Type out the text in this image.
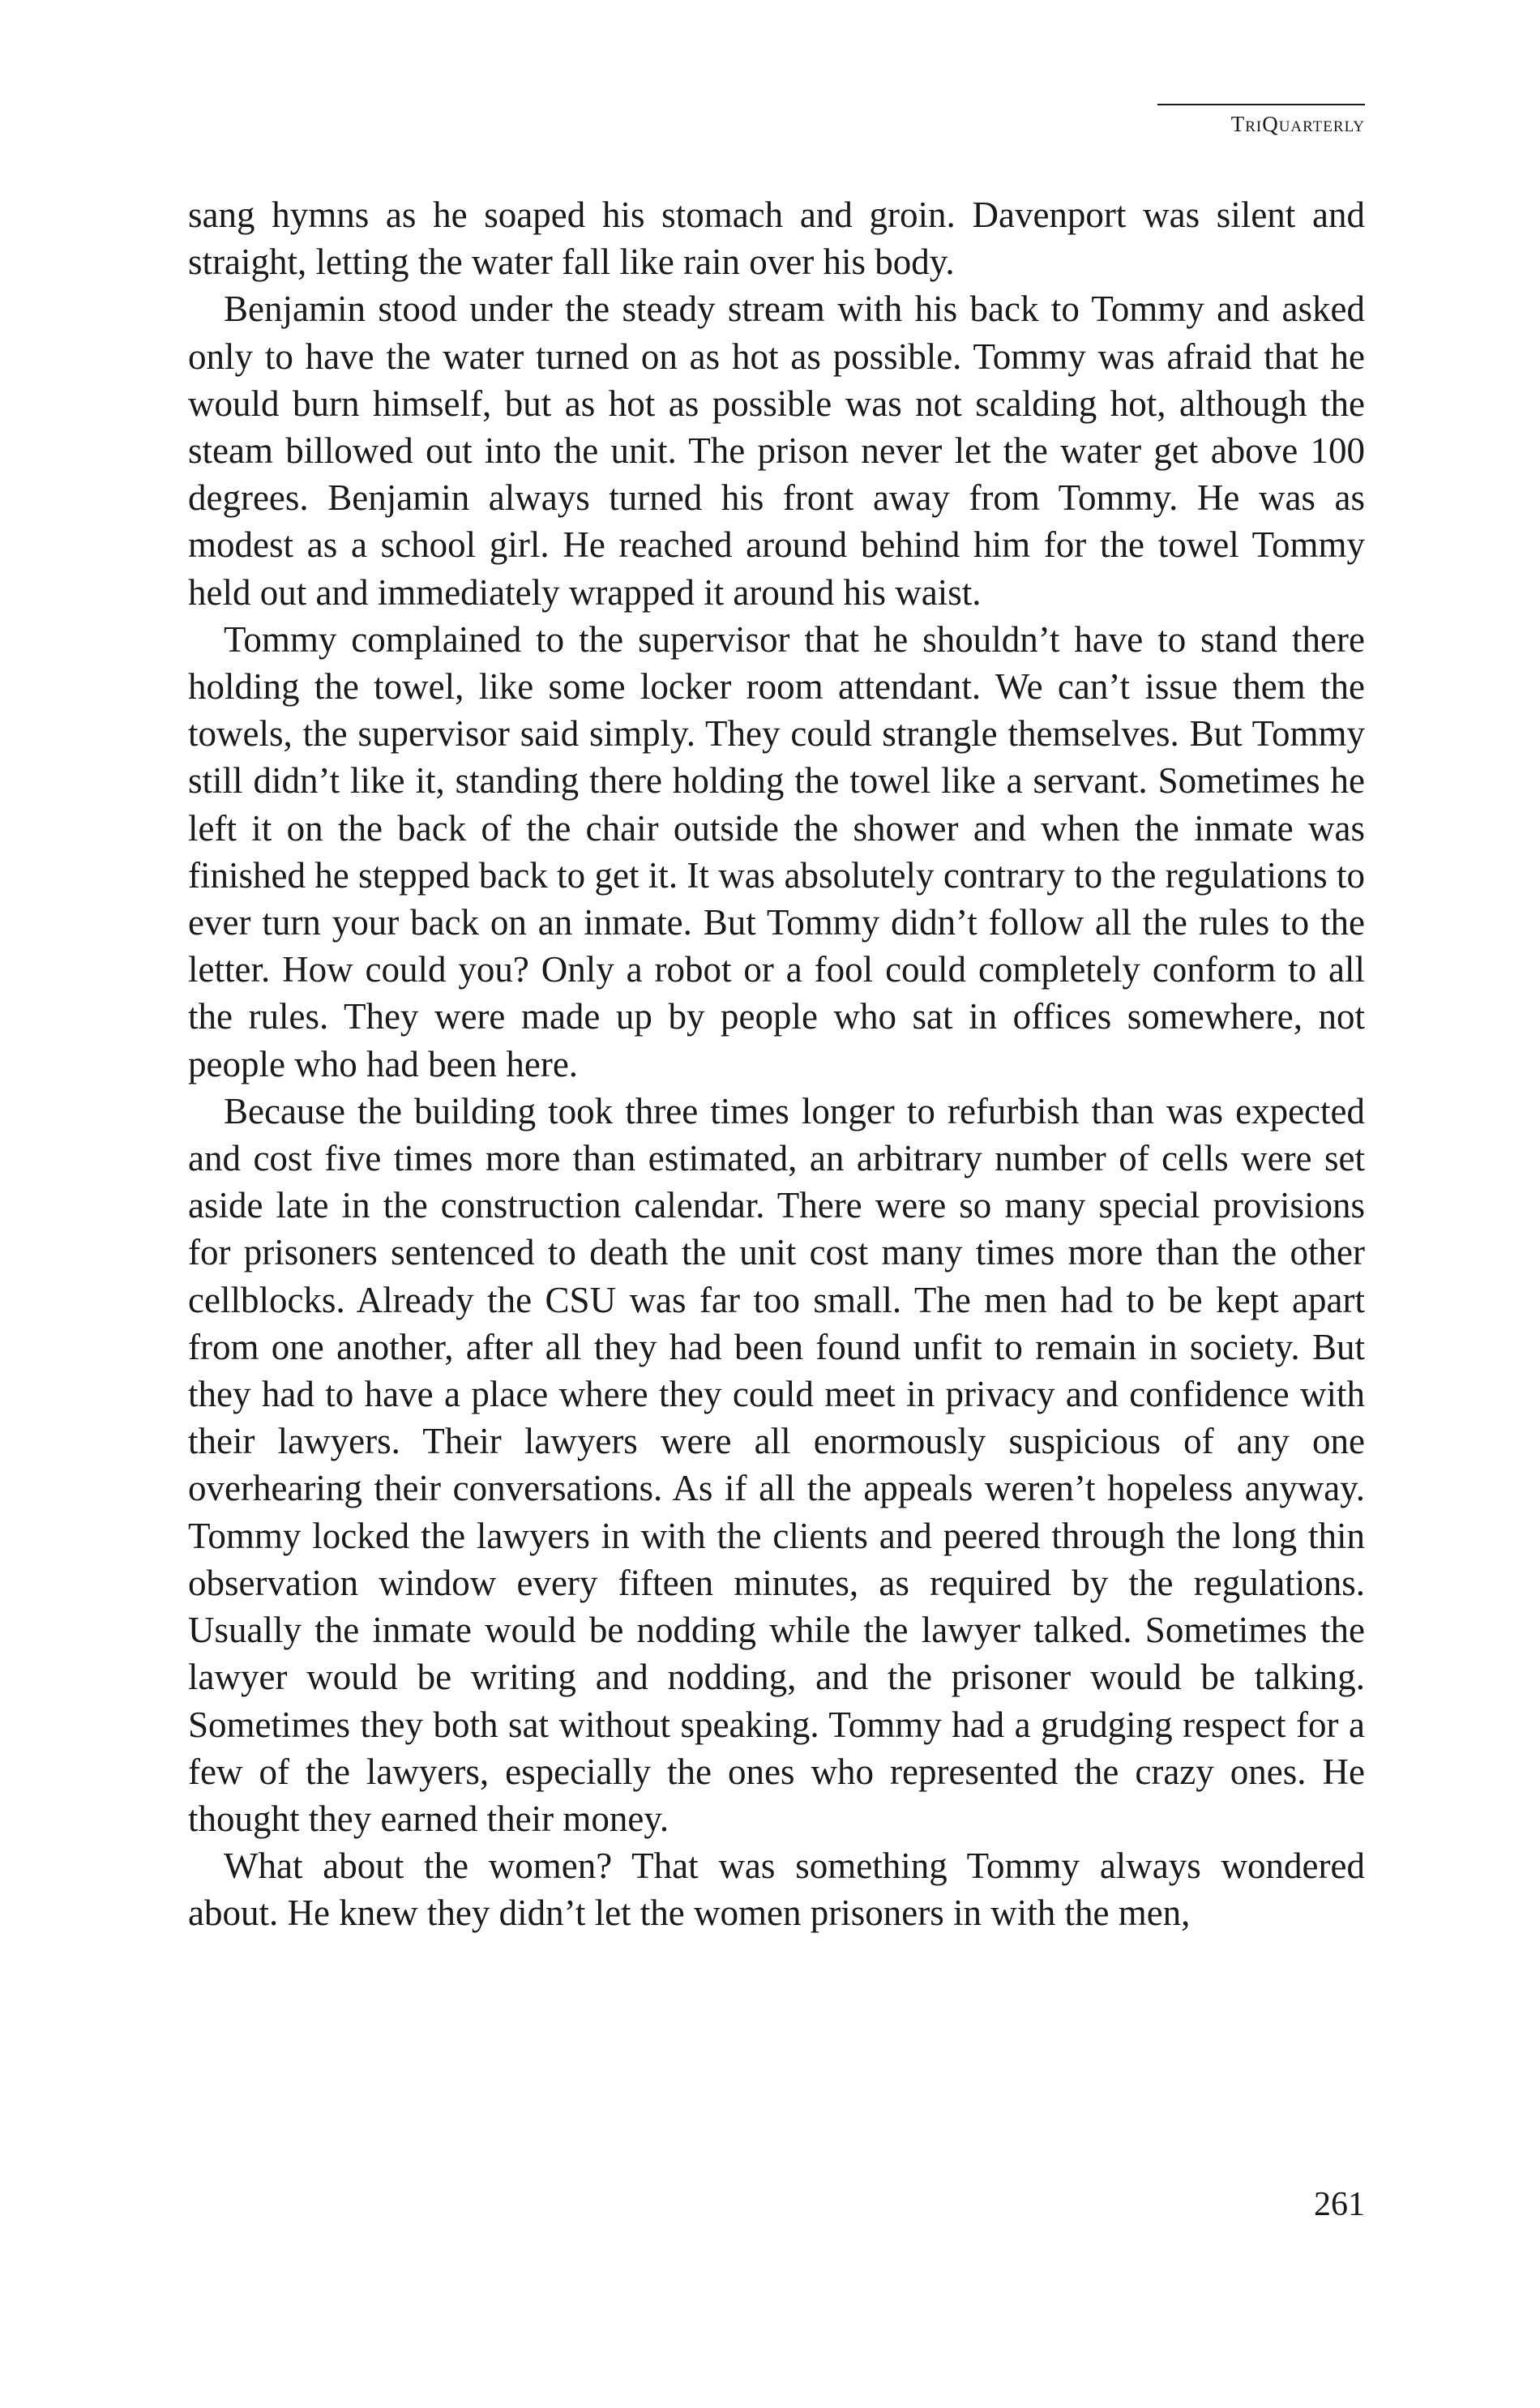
TriQuarterly

sang hymns as he soaped his stomach and groin. Davenport was silent and straight, letting the water fall like rain over his body.

Benjamin stood under the steady stream with his back to Tommy and asked only to have the water turned on as hot as possible. Tommy was afraid that he would burn himself, but as hot as possible was not scalding hot, although the steam billowed out into the unit. The prison never let the water get above 100 degrees. Benjamin always turned his front away from Tommy. He was as modest as a school girl. He reached around behind him for the towel Tommy held out and immediately wrapped it around his waist.

Tommy complained to the supervisor that he shouldn’t have to stand there holding the towel, like some locker room attendant. We can’t issue them the towels, the supervisor said simply. They could strangle themselves. But Tommy still didn’t like it, standing there holding the towel like a servant. Sometimes he left it on the back of the chair outside the shower and when the inmate was finished he stepped back to get it. It was absolutely contrary to the regulations to ever turn your back on an inmate. But Tommy didn’t follow all the rules to the letter. How could you? Only a robot or a fool could completely conform to all the rules. They were made up by people who sat in offices somewhere, not people who had been here.

Because the building took three times longer to refurbish than was expected and cost five times more than estimated, an arbitrary number of cells were set aside late in the construction calendar. There were so many special provisions for prisoners sentenced to death the unit cost many times more than the other cellblocks. Already the CSU was far too small. The men had to be kept apart from one another, after all they had been found unfit to remain in society. But they had to have a place where they could meet in privacy and confidence with their lawyers. Their lawyers were all enormously suspicious of any one overhearing their conversations. As if all the appeals weren’t hopeless anyway. Tommy locked the lawyers in with the clients and peered through the long thin observation window every fifteen minutes, as required by the regulations. Usually the inmate would be nodding while the lawyer talked. Sometimes the lawyer would be writing and nodding, and the prisoner would be talking. Sometimes they both sat without speaking. Tommy had a grudging respect for a few of the lawyers, especially the ones who represented the crazy ones. He thought they earned their money.

What about the women? That was something Tommy always wondered about. He knew they didn’t let the women prisoners in with the men,

261
